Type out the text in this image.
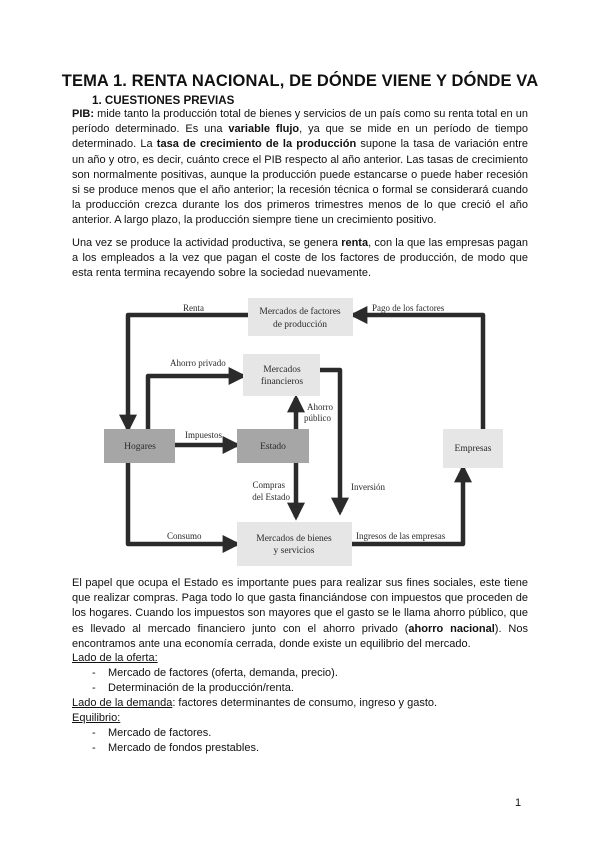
TEMA 1. RENTA NACIONAL, DE DÓNDE VIENE Y DÓNDE VA
1. CUESTIONES PREVIAS
PIB: mide tanto la producción total de bienes y servicios de un país como su renta total en un período determinado. Es una variable flujo, ya que se mide en un período de tiempo determinado. La tasa de crecimiento de la producción supone la tasa de variación entre un año y otro, es decir, cuánto crece el PIB respecto al año anterior. Las tasas de crecimiento son normalmente positivas, aunque la producción puede estancarse o puede haber recesión si se produce menos que el año anterior; la recesión técnica o formal se considerará cuando la producción crezca durante los dos primeros trimestres menos de lo que creció el año anterior. A largo plazo, la producción siempre tiene un crecimiento positivo.
Una vez se produce la actividad productiva, se genera renta, con la que las empresas pagan a los empleados a la vez que pagan el coste de los factores de producción, de modo que esta renta termina recayendo sobre la sociedad nuevamente.
Mercados de factores
de producción
Mercados
financieros
Hogares	Estado	Empresas
Mercados de bienes
y servicios
Renta	Pago de los factores
Ahorro privado
Impuestos
Ahorro
público
Compras
del Estado
Inversión
Consumo	Ingresos de las empresas
El papel que ocupa el Estado es importante pues para realizar sus fines sociales, este tiene que realizar compras. Paga todo lo que gasta financiándose con impuestos que proceden de los hogares. Cuando los impuestos son mayores que el gasto se le llama ahorro público, que es llevado al mercado financiero junto con el ahorro privado (ahorro nacional). Nos encontramos ante una economía cerrada, donde existe un equilibrio del mercado.
Lado de la oferta:
- Mercado de factores (oferta, demanda, precio).
- Determinación de la producción/renta.
Lado de la demanda: factores determinantes de consumo, ingreso y gasto.
Equilibrio:
- Mercado de factores.
- Mercado de fondos prestables.
1
